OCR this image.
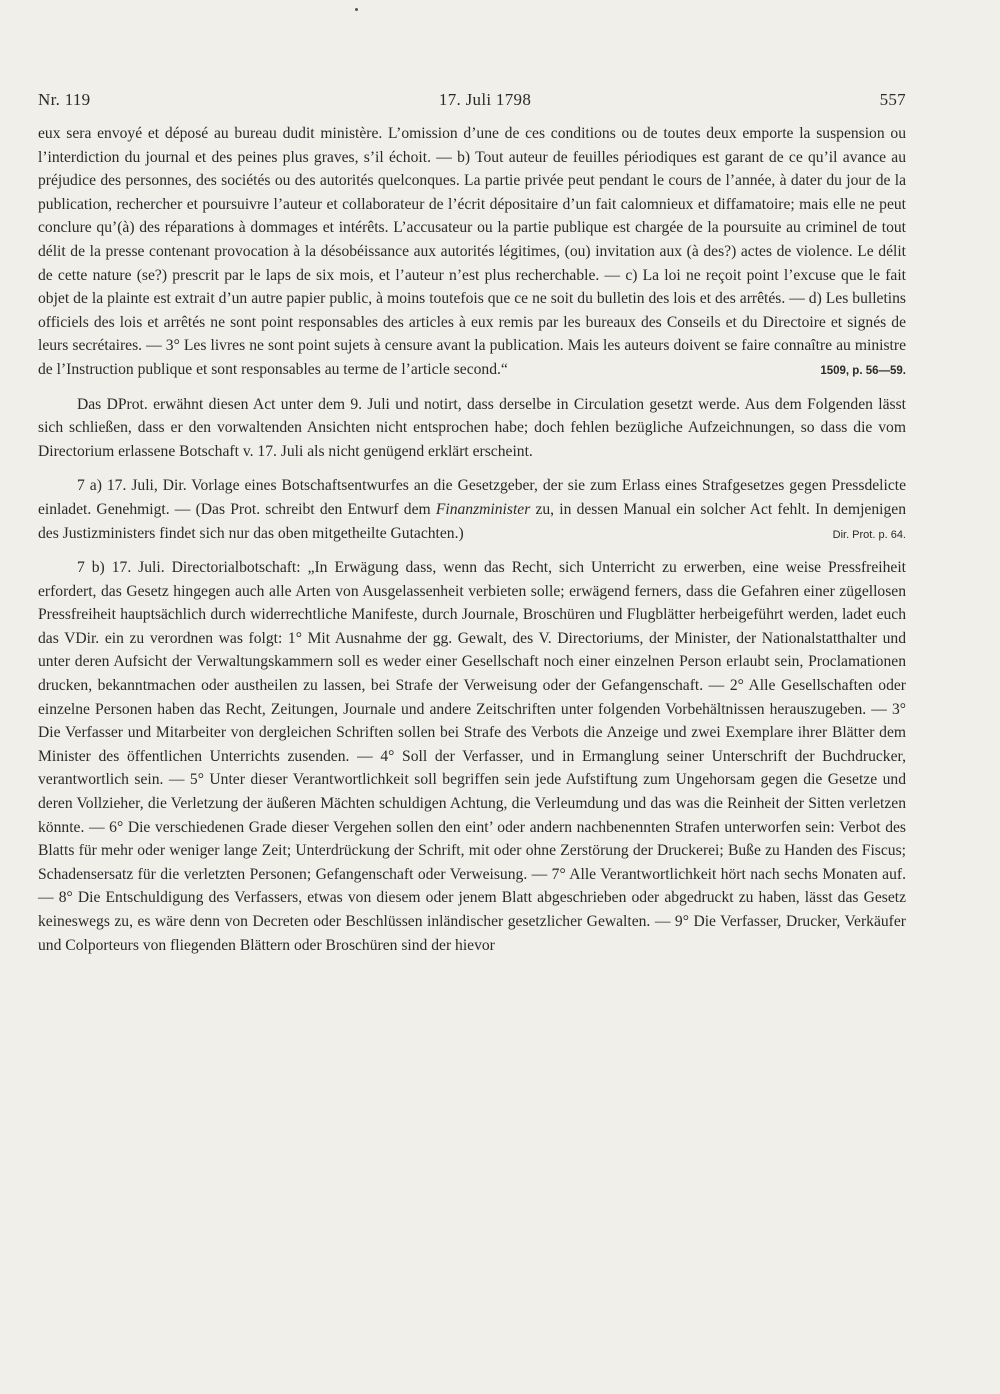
Nr. 119	17. Juli 1798	557

eux sera envoyé et déposé au bureau dudit ministère. L’omission d’une de ces conditions ou de toutes deux emporte la suspension ou l’interdiction du journal et des peines plus graves, s’il échoit. — b) Tout auteur de feuilles périodiques est garant de ce qu’il avance au préjudice des personnes, des sociétés ou des autorités quelconques. La partie privée peut pendant le cours de l’année, à dater du jour de la publication, rechercher et poursuivre l’auteur et collaborateur de l’écrit dépositaire d’un fait calomnieux et diffamatoire; mais elle ne peut conclure qu’(à) des réparations à dommages et intérêts. L’accusateur ou la partie publique est chargée de la poursuite au criminel de tout délit de la presse contenant provocation à la désobéissance aux autorités légitimes, (ou) invitation aux (à des?) actes de violence. Le délit de cette nature (se?) prescrit par le laps de six mois, et l’auteur n’est plus recherchable. — c) La loi ne reçoit point l’excuse que le fait objet de la plainte est extrait d’un autre papier public, à moins toutefois que ce ne soit du bulletin des lois et des arrêtés. — d) Les bulletins officiels des lois et arrêtés ne sont point responsables des articles à eux remis par les bureaux des Conseils et du Directoire et signés de leurs secrétaires. — 3° Les livres ne sont point sujets à censure avant la publication. Mais les auteurs doivent se faire connaître au ministre de l’Instruction publique et sont responsables au terme de l’article second.“	1509, p. 56—59.

Das DProt. erwähnt diesen Act unter dem 9. Juli und notirt, dass derselbe in Circulation gesetzt werde. Aus dem Folgenden lässt sich schließen, dass er den vorwaltenden Ansichten nicht entsprochen habe; doch fehlen bezügliche Aufzeichnungen, so dass die vom Directorium erlassene Botschaft v. 17. Juli als nicht genügend erklärt erscheint.

7 a) 17. Juli, Dir. Vorlage eines Botschaftsentwurfes an die Gesetzgeber, der sie zum Erlass eines Strafgesetzes gegen Pressdelicte einladet. Genehmigt. — (Das Prot. schreibt den Entwurf dem Finanzminister zu, in dessen Manual ein solcher Act fehlt. In demjenigen des Justizministers findet sich nur das oben mitgetheilte Gutachten.)	Dir. Prot. p. 64.

7 b) 17. Juli. Directorialbotschaft: „In Erwägung dass, wenn das Recht, sich Unterricht zu erwerben, eine weise Pressfreiheit erfordert, das Gesetz hingegen auch alle Arten von Ausgelassenheit verbieten solle; erwägend ferners, dass die Gefahren einer zügellosen Pressfreiheit hauptsächlich durch widerrechtliche Manifeste, durch Journale, Broschüren und Flugblätter herbeigeführt werden, ladet euch das VDir. ein zu verordnen was folgt: 1° Mit Ausnahme der gg. Gewalt, des V. Directoriums, der Minister, der Nationalstatthalter und unter deren Aufsicht der Verwaltungskammern soll es weder einer Gesellschaft noch einer einzelnen Person erlaubt sein, Proclamationen drucken, bekanntmachen oder austheilen zu lassen, bei Strafe der Verweisung oder der Gefangenschaft. — 2° Alle Gesellschaften oder einzelne Personen haben das Recht, Zeitungen, Journale und andere Zeitschriften unter folgenden Vorbehältnissen herauszugeben. — 3° Die Verfasser und Mitarbeiter von dergleichen Schriften sollen bei Strafe des Verbots die Anzeige und zwei Exemplare ihrer Blätter dem Minister des öffentlichen Unterrichts zusenden. — 4° Soll der Verfasser, und in Ermanglung seiner Unterschrift der Buchdrucker, verantwortlich sein. — 5° Unter dieser Verantwortlichkeit soll begriffen sein jede Aufstiftung zum Ungehorsam gegen die Gesetze und deren Vollzieher, die Verletzung der äußeren Mächten schuldigen Achtung, die Verleumdung und das was die Reinheit der Sitten verletzen könnte. — 6° Die verschiedenen Grade dieser Vergehen sollen den eint’ oder andern nachbenennten Strafen unterworfen sein: Verbot des Blatts für mehr oder weniger lange Zeit; Unterdrückung der Schrift, mit oder ohne Zerstörung der Druckerei; Buße zu Handen des Fiscus; Schadensersatz für die verletzten Personen; Gefangenschaft oder Verweisung. — 7° Alle Verantwortlichkeit hört nach sechs Monaten auf. — 8° Die Entschuldigung des Verfassers, etwas von diesem oder jenem Blatt abgeschrieben oder abgedruckt zu haben, lässt das Gesetz keineswegs zu, es wäre denn von Decreten oder Beschlüssen inländischer gesetzlicher Gewalten. — 9° Die Verfasser, Drucker, Verkäufer und Colporteurs von fliegenden Blättern oder Broschüren sind der hievor
